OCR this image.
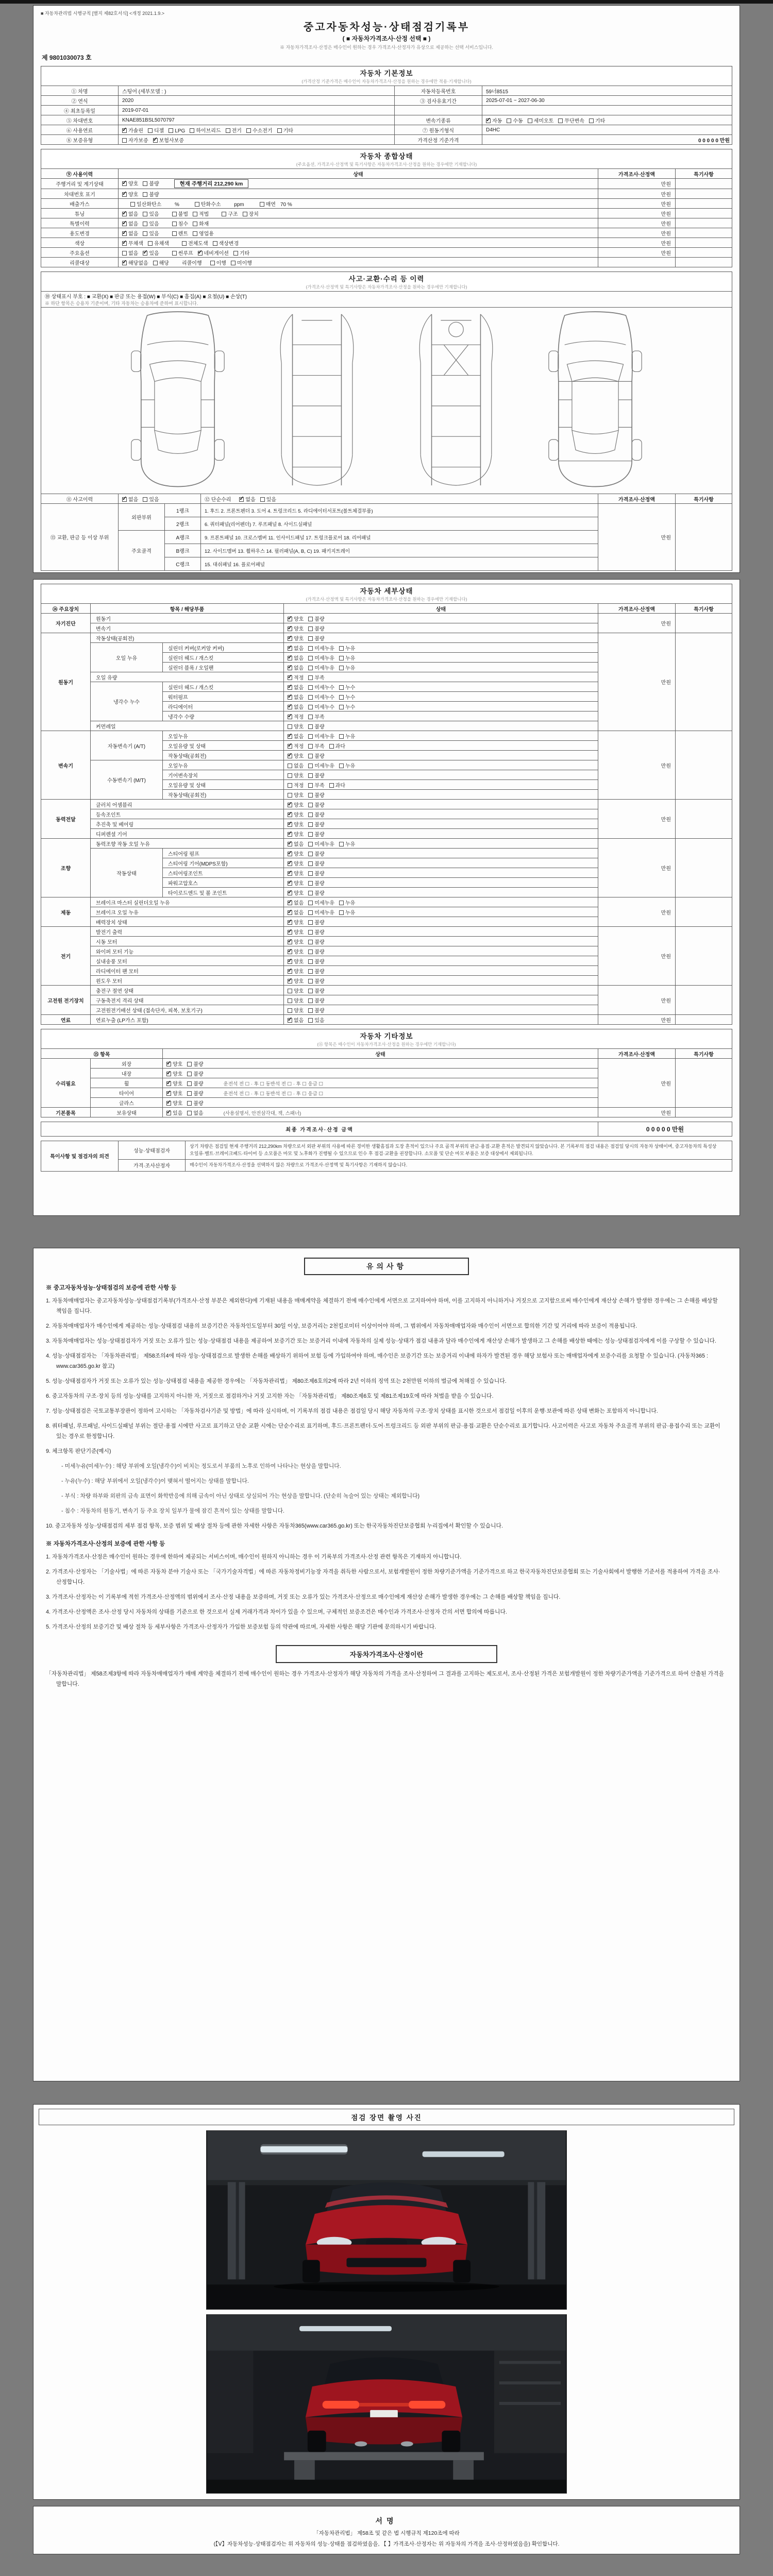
■ 자동차관리법 시행규칙 [별지 제82호서식] <개정 2021.1.9.>
중고자동차성능·상태점검기록부
( ■ 자동차가격조사·산정 선택 ■ )
※ 자동차가격조사·산정은 매수인이 원하는 경우 가격조사·산정자가 유상으로 제공하는 선택 서비스입니다.
제 9801030073 호
자동차 기본정보
(가격산정 기준가격은 매수인이 자동차가격조사·산정을 원하는 경우에만 적용·기재합니다)
① 차명	스팅어 (세부모델 : )	자동차등록번호	59너8515
② 연식	2020	③ 검사유효기간	2025-07-01 ~ 2027-06-30
④ 최초등록일	2019-07-01		
⑤ 차대번호	KNAE851BSL5070797	변속기종류	✓자동 수동 세미오토 무단변속 기타
⑥ 사용연료	✓가솔린 디젤 LPG 하이브리드 전기 수소전기 기타	⑦ 원동기형식	D4HC
⑧ 보증유형	자가보증 ✓ 보험사보증	가격산정 기준가격	0 0 0 0 0 만원
자동차 종합상태
(주요옵션, 가격조사·산정액 및 특기사항은 자동차가격조사·산정을 원하는 경우에만 기재합니다)
⑨ 사용이력	상태	가격조사·산정액	특기사항
주행거리 및 계기상태	✓양호 불량 현재 주행거리 212,290 km	만원	
차대번호 표기	✓양호 불량	만원	
배출가스	일산화탄소      % 탄화수소      ppm 매연 70 %	만원	
튜닝	✓없음 있음 불법 적법 구조 장치	만원	
특별이력	✓없음 있음 침수 화재	만원	
용도변경	✓없음 있음 렌트 영업용	만원	
색상	✓무채색 유채색 전체도색 색상변경	만원	
주요옵션	없음 ✓ 있음 썬루프 ✓ 네비게이션 기타	만원	
리콜대상	✓해당없음 해당 리콜이행 이행 미이행		
사고·교환·수리 등 이력
(가격조사·산정액 및 특기사항은 자동차가격조사·산정을 원하는 경우에만 기재합니다)
⑩ 상태표시 부호 : ■ 교환(X) ■ 판금 또는 용접(W) ■ 부식(C) ■ 흠집(A) ■ 요철(U) ■ 손상(T)
※ 하단 항목은 승용차 기준이며, 기타 자동차는 승용차에 준하여 표시합니다.					

⑪ 사고이력	✓없음 있음		⑫ 단순수리 ✓ 없음 있음	가격조사·산정액	특기사항
⑬ 교환, 판금 등 이상 부위	외판부위	1랭크	1. 후드 2. 프론트펜더 3. 도어 4. 트렁크리드 5. 라디에이터서포트(볼트체결부품)	만원	
		2랭크	6. 쿼터패널(리어펜더) 7. 루프패널 8. 사이드실패널		
	주요골격	A랭크	9. 프론트패널 10. 크로스멤버 11. 인사이드패널 17. 트렁크플로어 18. 리어패널		
		B랭크	12. 사이드멤버 13. 휠하우스 14. 필러패널(A, B, C) 19. 패키지트레이		
		C랭크	15. 대쉬패널 16. 플로어패널		
자동차 세부상태
(가격조사·산정액 및 특기사항은 자동차가격조사·산정을 원하는 경우에만 기재합니다)
⑭ 주요장치	항목 / 해당부품		상태	가격조사·산정액	특기사항
자기진단	원동기	✓양호 불량	만원	
	변속기	✓양호 불량
원동기	작동상태(공회전)	✓양호 불량	만원	
	오일 누유	실린더 커버(로커암 커버)	✓없음 미세누유 누유
		실린더 헤드 / 개스킷	✓없음 미세누유 누유
		실린더 블록 / 오일팬	✓없음 미세누유 누유
	오일 유량	✓적정 부족
	냉각수 누수	실린더 헤드 / 개스킷	✓없음 미세누수 누수
		워터펌프	✓없음 미세누수 누수
		라디에이터	✓없음 미세누수 누수
		냉각수 수량	✓적정 부족
	커먼레일		양호 불량		
변속기	자동변속기 (A/T)	오일누유	✓없음 미세누유 누유	만원	
		오일유량 및 상태	✓적정 부족 과다
		작동상태(공회전)	✓양호 불량
	수동변속기 (M/T)	오일누유	없음 미세누유 누유		
		기어변속장치	양호 불량		
		오일유량 및 상태	적정 부족 과다		
		작동상태(공회전)	양호 불량		
동력전달	클러치 어셈블리	✓양호 불량	만원	
	등속조인트	✓양호 불량
	추진축 및 베어링	✓양호 불량
	디퍼렌셜 기어	✓양호 불량
조향	동력조향 작동 오일 누유	✓없음 미세누유 누유	만원	
	작동상태	스티어링 펌프	✓양호 불량
		스티어링 기어(MDPS포함)	✓양호 불량
		스티어링조인트	✓양호 불량
		파워고압호스	✓양호 불량
		타이로드엔드 및 볼 조인트	✓양호 불량
제동	브레이크 마스터 실린더오일 누유	✓없음 미세누유 누유	만원	
	브레이크 오일 누유	✓없음 미세누유 누유
	배력장치 상태	✓양호 불량
전기	발전기 출력	✓양호 불량	만원	
	시동 모터	✓양호 불량
	와이퍼 모터 기능	✓양호 불량
	실내송풍 모터	✓양호 불량
	라디에이터 팬 모터	✓양호 불량
	윈도우 모터	✓양호 불량
고전원 전기장치	충전구 절연 상태		양호 불량	만원	
	구동축전지 격리 상태		양호 불량		
	고전원전기배선 상태 (접속단자, 피복, 보호기구)		양호 불량		
연료	연료누출 (LP가스 포함)	✓없음 있음	만원	
자동차 기타정보
(⑮ 항목은 매수인이 자동차가격조사·산정을 원하는 경우에만 기재합니다)
⑮ 항목		상태	가격조사·산정액	특기사항
수리필요	외장	✓양호 불량	만원	
	내장	✓양호 불량
	휠	✓양호 불량 운전석 전 ☐ · 후 ☐ 동반석 전 ☐ · 후 ☐ 응급 ☐
	타이어	✓양호 불량 운전석 전 ☐ · 후 ☐ 동반석 전 ☐ · 후 ☐ 응급 ☐
	글라스	✓양호 불량
기본품목	보유상태	✓있음 없음 (사용설명서, 안전삼각대, 잭, 스패너)	만원	
최종 가격조사·산정 금액	0 0 0 0 0 만원
특이사항 및 점검자의 의견	성능·상태점검자	상기 차량은 점검일 현재 주행거리 212,290km 차량으로서 외판 부위의 사용에 따른 경미한 생활흠집과 도장 흔적이 있으나 주요 골격 부위의 판금·용접·교환 흔적은 발견되지 않았습니다. 본 기록부의 점검 내용은 점검일 당시의 자동차 상태이며, 중고자동차의 특성상 오일류·벨트·브레이크패드·타이어 등 소모품은 마모 및 노후화가 진행될 수 있으므로 인수 후 점검·교환을 권장합니다. 소모품 및 단순 마모 부품은 보증 대상에서 제외됩니다.
	가격·조사산정자	매수인이 자동차가격조사·산정을 선택하지 않은 차량으로 가격조사·산정액 및 특기사항은 기재하지 않습니다.
유의사항
※ 중고자동차성능·상태점검의 보증에 관한 사항 등
1. 자동차매매업자는 중고자동차성능·상태점검기록부(가격조사·산정 부분은 제외한다)에 기재된 내용을 매매계약을 체결하기 전에 매수인에게 서면으로 고지하여야 하며, 이를 고지하지 아니하거나 거짓으로 고지함으로써 매수인에게 재산상 손해가 발생한 경우에는 그 손해를 배상할 책임을 집니다.
2. 자동차매매업자가 매수인에게 제공하는 성능·상태점검 내용의 보증기간은 자동차인도일부터 30일 이상, 보증거리는 2천킬로미터 이상이어야 하며, 그 범위에서 자동차매매업자와 매수인이 서면으로 합의한 기간 및 거리에 따라 보증이 적용됩니다.
3. 자동차매매업자는 성능·상태점검자가 거짓 또는 오류가 있는 성능·상태점검 내용을 제공하여 보증기간 또는 보증거리 이내에 자동차의 실제 성능·상태가 점검 내용과 달라 매수인에게 재산상 손해가 발생하고 그 손해를 배상한 때에는 성능·상태점검자에게 이를 구상할 수 있습니다.
4. 성능·상태점검자는 「자동차관리법」 제58조의4에 따라 성능·상태점검으로 발생한 손해를 배상하기 위하여 보험 등에 가입하여야 하며, 매수인은 보증기간 또는 보증거리 이내에 하자가 발견된 경우 해당 보험사 또는 매매업자에게 보증수리를 요청할 수 있습니다. (자동차365 : www.car365.go.kr 참고)
5. 성능·상태점검자가 거짓 또는 오류가 있는 성능·상태점검 내용을 제공한 경우에는 「자동차관리법」 제80조제6호의2에 따라 2년 이하의 징역 또는 2천만원 이하의 벌금에 처해질 수 있습니다.
6. 중고자동차의 구조·장치 등의 성능·상태를 고지하지 아니한 자, 거짓으로 점검하거나 거짓 고지한 자는 「자동차관리법」 제80조제6호 및 제81조제19호에 따라 처벌을 받을 수 있습니다.
7. 성능·상태점검은 국토교통부장관이 정하여 고시하는 「자동차검사기준 및 방법」에 따라 실시하며, 이 기록부의 점검 내용은 점검일 당시 해당 자동차의 구조·장치 상태를 표시한 것으로서 점검일 이후의 운행·보관에 따른 상태 변화는 포함하지 아니합니다.
8. 쿼터패널, 루프패널, 사이드실패널 부위는 절단·용접 시에만 사고로 표기하고 단순 교환 시에는 단순수리로 표기하며, 후드·프론트펜더·도어·트렁크리드 등 외판 부위의 판금·용접·교환은 단순수리로 표기합니다. 사고이력은 사고로 자동차 주요골격 부위의 판금·용접수리 또는 교환이 있는 경우로 한정합니다.
9. 체크항목 판단기준(예시)
- 미세누유(미세누수) : 해당 부위에 오일(냉각수)이 비치는 정도로서 부품의 노후로 인하여 나타나는 현상을 말합니다.
- 누유(누수) : 해당 부위에서 오일(냉각수)이 맺혀서 떨어지는 상태를 말합니다.
- 부식 : 차량 하부와 외판의 금속 표면이 화학반응에 의해 금속이 아닌 상태로 상실되어 가는 현상을 말합니다. (단순히 녹슬어 있는 상태는 제외합니다)
- 침수 : 자동차의 원동기, 변속기 등 주요 장치 일부가 물에 잠긴 흔적이 있는 상태를 말합니다.
10. 중고자동차 성능·상태점검의 세부 점검 항목, 보증 범위 및 배상 절차 등에 관한 자세한 사항은 자동차365(www.car365.go.kr) 또는 한국자동차진단보증협회 누리집에서 확인할 수 있습니다.
※ 자동차가격조사·산정의 보증에 관한 사항 등
1. 자동차가격조사·산정은 매수인이 원하는 경우에 한하여 제공되는 서비스이며, 매수인이 원하지 아니하는 경우 이 기록부의 가격조사·산정 관련 항목은 기재하지 아니합니다.
2. 가격조사·산정자는 「기술사법」에 따른 자동차 분야 기술사 또는 「국가기술자격법」에 따른 자동차정비기능장 자격을 취득한 사람으로서, 보험개발원이 정한 차량기준가액을 기준가격으로 하고 한국자동차진단보증협회 또는 기술사회에서 발행한 기준서를 적용하여 가격을 조사·산정합니다.
3. 가격조사·산정자는 이 기록부에 적힌 가격조사·산정액의 범위에서 조사·산정 내용을 보증하며, 거짓 또는 오류가 있는 가격조사·산정으로 매수인에게 재산상 손해가 발생한 경우에는 그 손해를 배상할 책임을 집니다.
4. 가격조사·산정액은 조사·산정 당시 자동차의 상태를 기준으로 한 것으로서 실제 거래가격과 차이가 있을 수 있으며, 구체적인 보증조건은 매수인과 가격조사·산정자 간의 서면 합의에 따릅니다.
5. 가격조사·산정의 보증기간 및 배상 절차 등 세부사항은 가격조사·산정자가 가입한 보증보험 등의 약관에 따르며, 자세한 사항은 해당 기관에 문의하시기 바랍니다.
자동차가격조사·산정이란
「자동차관리법」 제58조제3항에 따라 자동차매매업자가 매매 계약을 체결하기 전에 매수인이 원하는 경우 가격조사·산정자가 해당 자동차의 가격을 조사·산정하여 그 결과를 고지하는 제도로서, 조사·산정된 가격은 보험개발원이 정한 차량기준가액을 기준가격으로 하여 산출된 가격을 말합니다.
점검 장면 촬영 사진
서명
「자동차관리법」 제58조 및 같은 법 시행규칙 제120조에 따라
(【Ⅴ】자동차성능·상태점검자는 위 자동차의 성능·상태를 점검하였음을, 【 】가격조사·산정자는 위 자동차의 가격을 조사·산정하였음을) 확인합니다.
